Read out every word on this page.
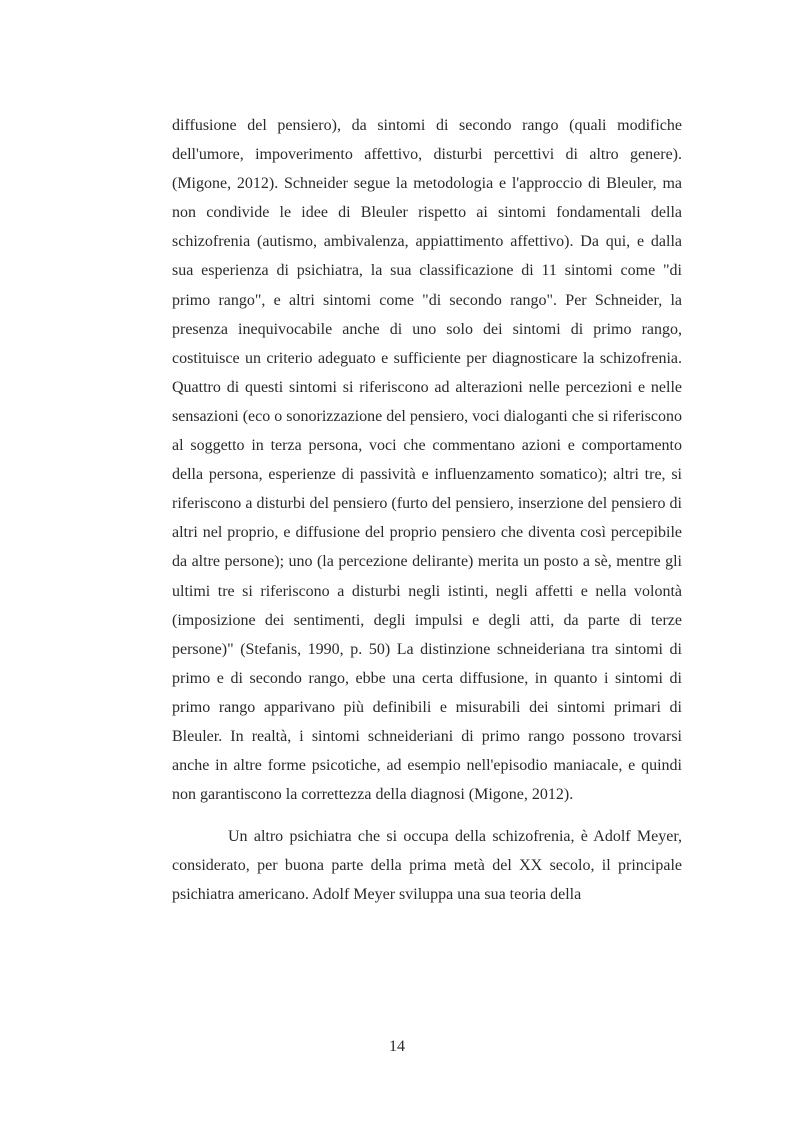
diffusione del pensiero), da sintomi di secondo rango (quali modifiche dell'umore, impoverimento affettivo, disturbi percettivi di altro genere). (Migone, 2012). Schneider segue la metodologia e l'approccio di Bleuler, ma non condivide le idee di Bleuler rispetto ai sintomi fondamentali della schizofrenia (autismo, ambivalenza, appiattimento affettivo). Da qui, e dalla sua esperienza di psichiatra, la sua classificazione di 11 sintomi come "di primo rango", e altri sintomi come "di secondo rango". Per Schneider, la presenza inequivocabile anche di uno solo dei sintomi di primo rango, costituisce un criterio adeguato e sufficiente per diagnosticare la schizofrenia. Quattro di questi sintomi si riferiscono ad alterazioni nelle percezioni e nelle sensazioni (eco o sonorizzazione del pensiero, voci dialoganti che si riferiscono al soggetto in terza persona, voci che commentano azioni e comportamento della persona, esperienze di passività e influenzamento somatico); altri tre, si riferiscono a disturbi del pensiero (furto del pensiero, inserzione del pensiero di altri nel proprio, e diffusione del proprio pensiero che diventa così percepibile da altre persone); uno (la percezione delirante) merita un posto a sè, mentre gli ultimi tre si riferiscono a disturbi negli istinti, negli affetti e nella volontà (imposizione dei sentimenti, degli impulsi e degli atti, da parte di terze persone)" (Stefanis, 1990, p. 50) La distinzione schneideriana tra sintomi di primo e di secondo rango, ebbe una certa diffusione, in quanto i sintomi di primo rango apparivano più definibili e misurabili dei sintomi primari di Bleuler. In realtà, i sintomi schneideriani di primo rango possono trovarsi anche in altre forme psicotiche, ad esempio nell'episodio maniacale, e quindi non garantiscono la correttezza della diagnosi (Migone, 2012).

Un altro psichiatra che si occupa della schizofrenia, è Adolf Meyer, considerato, per buona parte della prima metà del XX secolo, il principale psichiatra americano. Adolf Meyer sviluppa una sua teoria della

14
